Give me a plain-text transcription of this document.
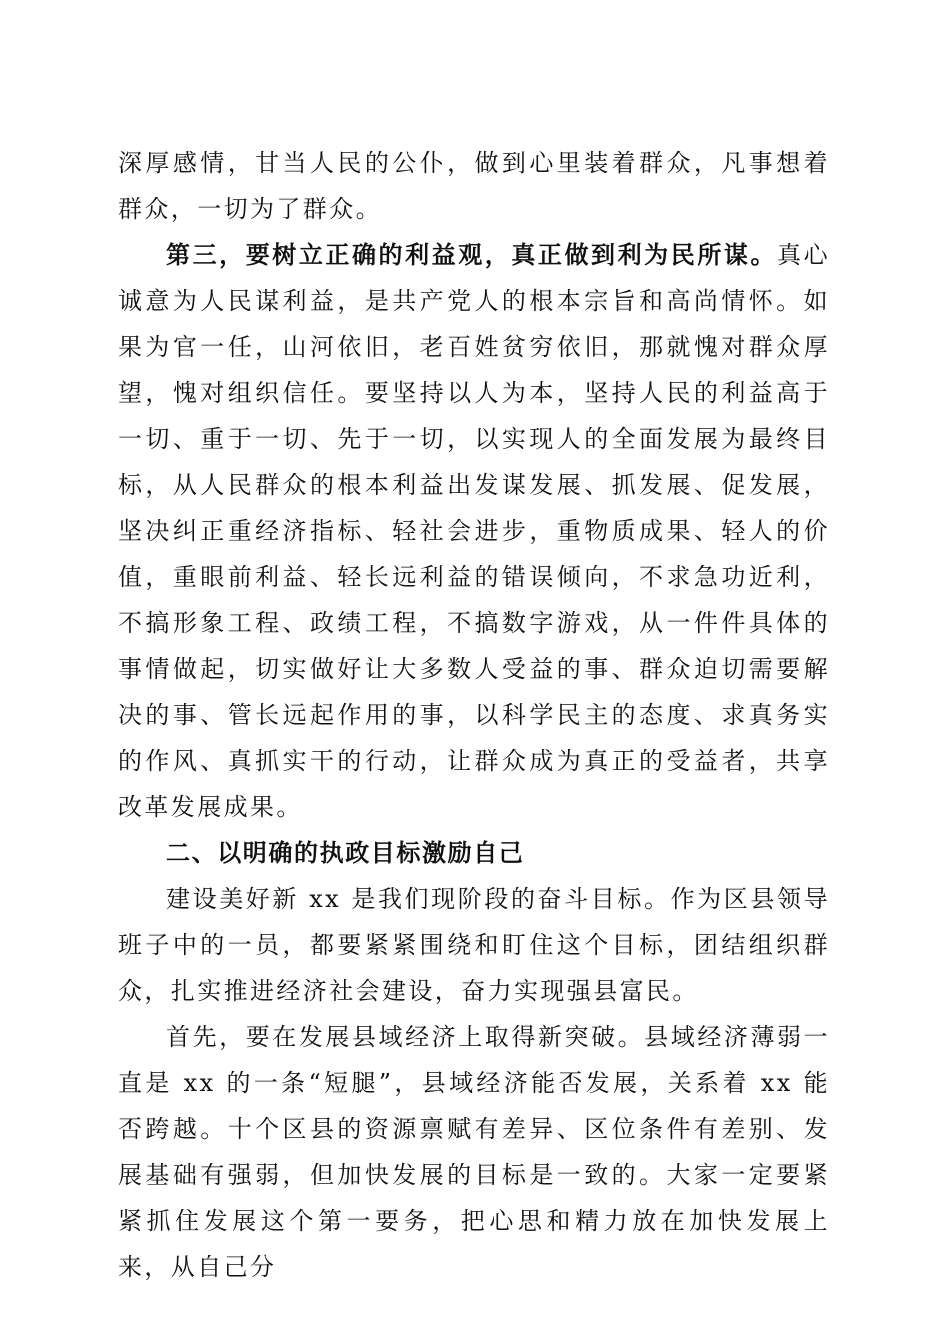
深厚感情，甘当人民的公仆，做到心里装着群众，凡事想着群众，一切为了群众。

第三，要树立正确的利益观，真正做到利为民所谋。真心诚意为人民谋利益，是共产党人的根本宗旨和高尚情怀。如果为官一任，山河依旧，老百姓贫穷依旧，那就愧对群众厚望，愧对组织信任。要坚持以人为本，坚持人民的利益高于一切、重于一切、先于一切，以实现人的全面发展为最终目标，从人民群众的根本利益出发谋发展、抓发展、促发展，坚决纠正重经济指标、轻社会进步，重物质成果、轻人的价值，重眼前利益、轻长远利益的错误倾向，不求急功近利，不搞形象工程、政绩工程，不搞数字游戏，从一件件具体的事情做起，切实做好让大多数人受益的事、群众迫切需要解决的事、管长远起作用的事，以科学民主的态度、求真务实的作风、真抓实干的行动，让群众成为真正的受益者，共享改革发展成果。

二、以明确的执政目标激励自己

建设美好新 xx 是我们现阶段的奋斗目标。作为区县领导班子中的一员，都要紧紧围绕和盯住这个目标，团结组织群众，扎实推进经济社会建设，奋力实现强县富民。

首先，要在发展县域经济上取得新突破。县域经济薄弱一直是 xx 的一条“短腿”，县域经济能否发展，关系着 xx 能否跨越。十个区县的资源禀赋有差异、区位条件有差别、发展基础有强弱，但加快发展的目标是一致的。大家一定要紧紧抓住发展这个第一要务，把心思和精力放在加快发展上来，从自己分
